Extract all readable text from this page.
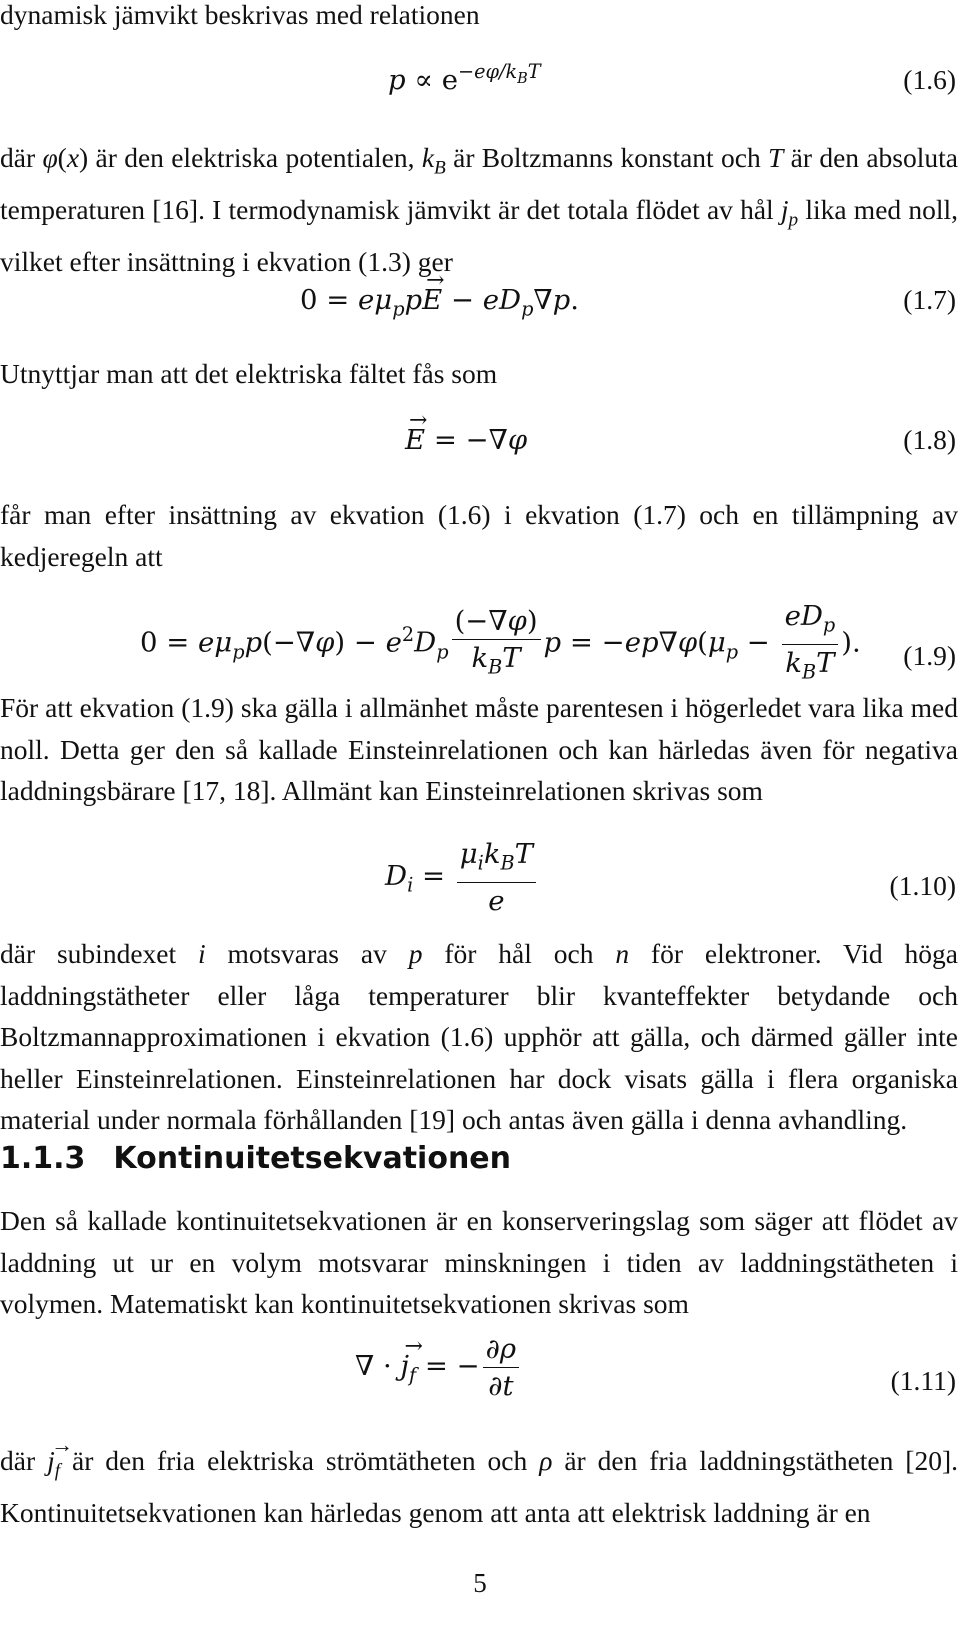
dynamisk jämvikt beskrivas med relationen

$p \propto e^{-e\varphi/k_BT}$	(1.6)

där φ(x) är den elektriska potentialen, $k_B$ är Boltzmanns konstant och T är den absoluta temperaturen [16]. I termodynamisk jämvikt är det totala flödet av hål $j_p$ lika med noll, vilket efter insättning i ekvation (1.3) ger

$0 = e\mu_pp\to E - eD_p\nabla p$.	(1.7)

Utnyttjar man att det elektriska fältet fås som

→ E = −∇φ	(1.8)

får man efter insättning av ekvation (1.6) i ekvation (1.7) och en tillämpning av kedjeregeln att

$0 = e\mu_pp(-\nabla\varphi) - e^2D_p \frac{(-\nabla\varphi)}{k_BT}$ $p = -ep\nabla\varphi(\mu_p - \frac{eD_p}{k_BT}$ ). (1.9)

För att ekvation (1.9) ska gälla i allmänhet måste parentesen i högerledet vara lika med noll. Detta ger den så kallade Einsteinrelationen och kan härledas även för negativa laddningsbärare [17, 18]. Allmänt kan Einsteinrelationen skrivas som

$D_i = \frac{\mu_ik_BT}{e}$	(1.10)

där subindexet i motsvaras av p för hål och n för elektroner. Vid höga laddningstätheter eller låga temperaturer blir kvanteffekter betydande och Boltzmannapproximationen i ekvation (1.6) upphör att gälla, och därmed gäller inte heller Einsteinrelationen. Einsteinrelationen har dock visats gälla i flera organiska material under normala förhållanden [19] och antas även gälla i denna avhandling.

1.1.3 Kontinuitetsekvationen

Den så kallade kontinuitetsekvationen är en konserveringslag som säger att flödet av laddning ut ur en volym motsvarar minskningen i tiden av laddningstätheten i volymen. Matematiskt kan kontinuitetsekvationen skrivas som

∇ · → $j_f$ = − $\frac{\partial\rho}{\partial t}$	(1.11)

där → $j_f$ är den fria elektriska strömtätheten och ρ är den fria laddningstätheten [20]. Kontinuitetsekvationen kan härledas genom att anta att elektrisk laddning är en

5
